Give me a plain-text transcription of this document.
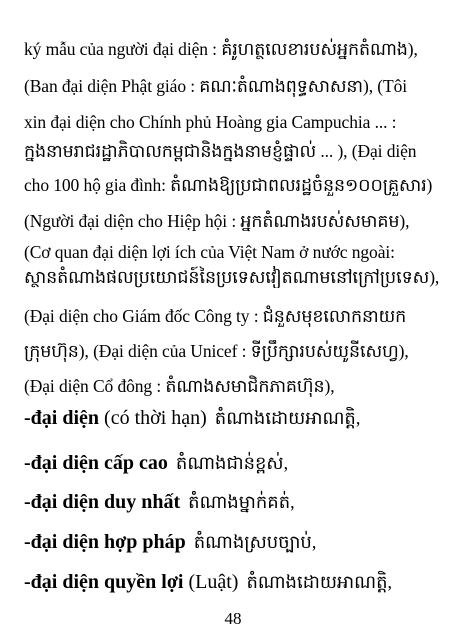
ký mẫu của người đại diện : គំរូហត្ថលេខារបស់អ្នកតំណាង),
(Ban đại diện Phật giáo : គណៈតំណាងពុទ្ធសាសនា), (Tôi
xin đại diện cho Chính phủ Hoàng gia Campuchia ... :
ក្នុងនាមរាជរដ្ឋាភិបាលកម្ពុជានិងក្នុងនាមខ្ញុំផ្ទាល់ ... ), (Đại diện
cho 100 hộ gia đình: តំណាងឱ្យប្រជាពលរដ្ឋចំនួន១០០គ្រួសារ)
(Người đại diện cho Hiệp hội : អ្នកតំណាងរបស់សមាគម),
(Cơ quan đại diện lợi ích của Việt Nam ở nước ngoài:
ស្ថានតំណាងផលប្រយោជន៍នៃប្រទេសវៀតណាមនៅក្រៅប្រទេស),
(Đại diện cho Giám đốc Công ty : ជំនួសមុខលោកនាយក
ក្រុមហ៊ុន), (Đại diện của Unicef : ទីប្រឹក្សារបស់យូនីសេហ្វ),
(Đại diện Cổ đông : តំណាងសមាជិកភាគហ៊ុន),
-đại diện (có thời hạn) តំណាងដោយអាណត្តិ,
-đại diện cấp cao តំណាងជាន់ខ្ពស់,
-đại diện duy nhất តំណាងម្នាក់គត់,
-đại diện hợp pháp តំណាងស្របច្បាប់,
-đại diện quyền lợi (Luật) តំណាងដោយអាណត្តិ,
48
